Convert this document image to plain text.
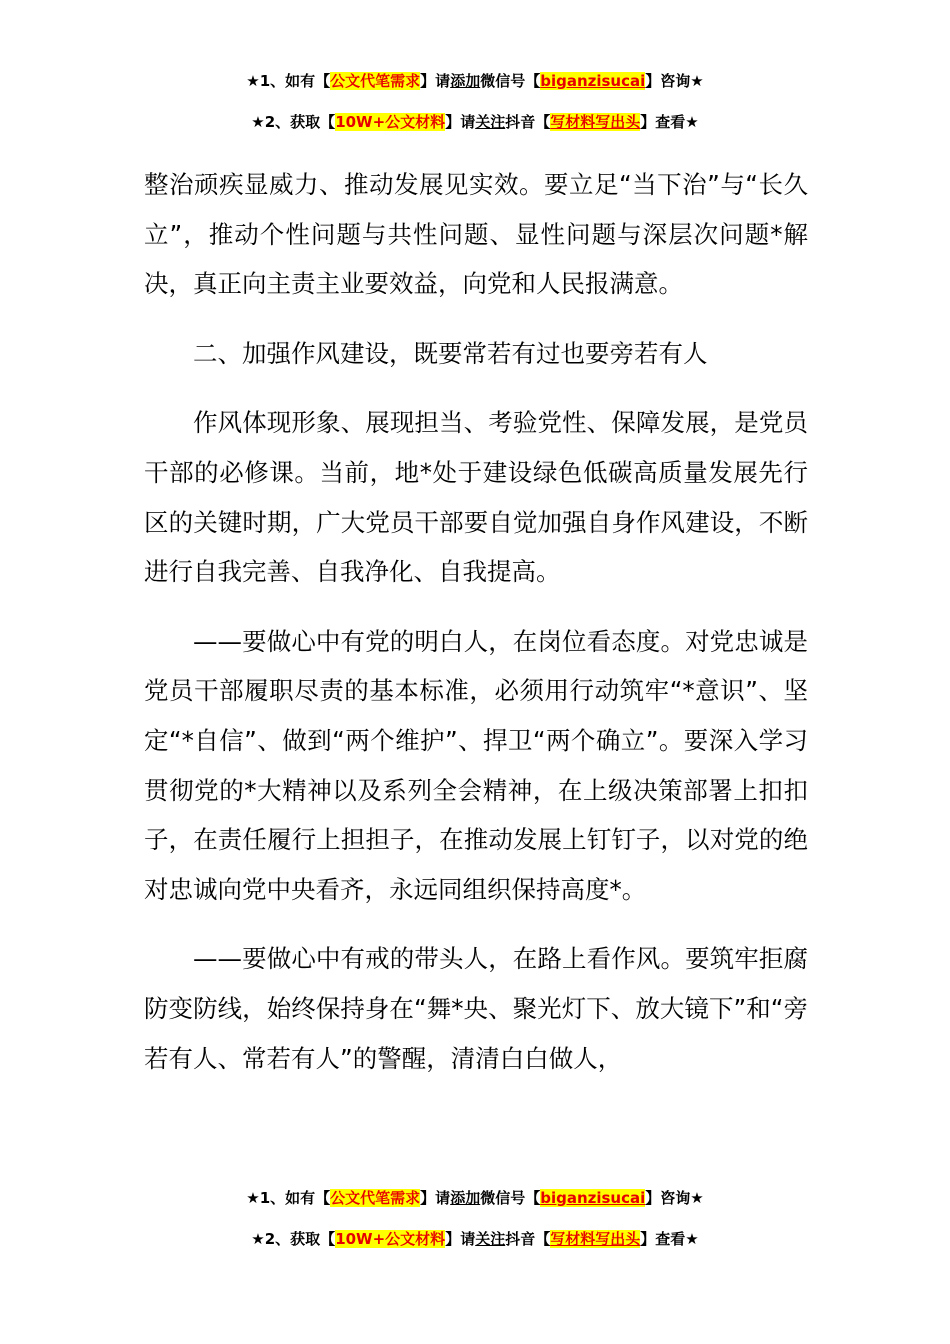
★1、如有【公文代笔需求】请添加微信号【biganzisucai】咨询★
★2、获取【10W+公文材料】请关注抖音【写材料写出头】查看★

整治顽疾显威力、推动发展见实效。要立足“当下治”与“长久立”，推动个性问题与共性问题、显性问题与深层次问题*解决，真正向主责主业要效益，向党和人民报满意。

二、加强作风建设，既要常若有过也要旁若有人

作风体现形象、展现担当、考验党性、保障发展，是党员干部的必修课。当前，地*处于建设绿色低碳高质量发展先行区的关键时期，广大党员干部要自觉加强自身作风建设，不断进行自我完善、自我净化、自我提高。

——要做心中有党的明白人，在岗位看态度。对党忠诚是党员干部履职尽责的基本标准，必须用行动筑牢“*意识”、坚定“*自信”、做到“两个维护”、捍卫“两个确立”。要深入学习贯彻党的*大精神以及系列全会精神，在上级决策部署上扣扣子，在责任履行上担担子，在推动发展上钉钉子，以对党的绝对忠诚向党中央看齐，永远同组织保持高度*。

——要做心中有戒的带头人，在路上看作风。要筑牢拒腐防变防线，始终保持身在“舞*央、聚光灯下、放大镜下”和“旁若有人、常若有人”的警醒，清清白白做人，

★1、如有【公文代笔需求】请添加微信号【biganzisucai】咨询★
★2、获取【10W+公文材料】请关注抖音【写材料写出头】查看★
